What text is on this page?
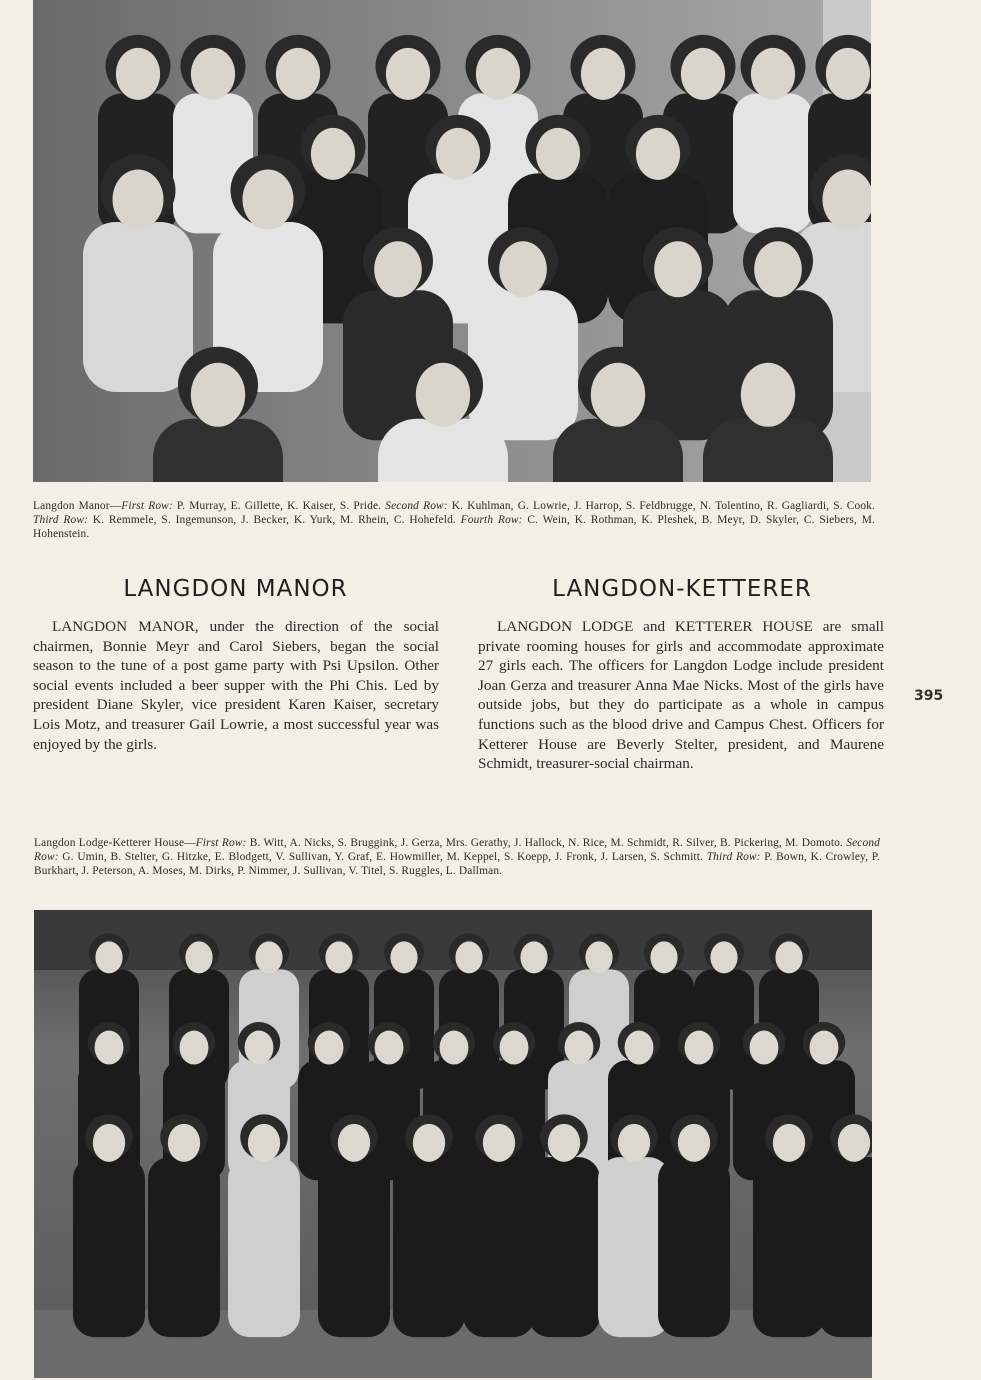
Langdon Manor—First Row: P. Murray, E. Gillette, K. Kaiser, S. Pride. Second Row: K. Kuhlman, G. Lowrie, J. Harrop, S. Feldbrugge, N. Tolentino, R. Gagliardi, S. Cook. Third Row: K. Remmele, S. Ingemunson, J. Becker, K. Yurk, M. Rhein, C. Hohefeld. Fourth Row: C. Wein, K. Rothman, K. Pleshek, B. Meyr, D. Skyler, C. Siebers, M. Hohenstein.
LANGDON MANOR	LANGDON-KETTERER

LANGDON MANOR, under the direction of the social chairmen, Bonnie Meyr and Carol Siebers, began the social season to the tune of a post game party with Psi Upsilon. Other social events included a beer supper with the Phi Chis. Led by president Diane Skyler, vice president Karen Kaiser, secretary Lois Motz, and treasurer Gail Lowrie, a most successful year was enjoyed by the girls.

LANGDON LODGE and KETTERER HOUSE are small private rooming houses for girls and accommodate approximate 27 girls each. The officers for Langdon Lodge include president Joan Gerza and treasurer Anna Mae Nicks. Most of the girls have outside jobs, but they do participate as a whole in campus functions such as the blood drive and Campus Chest. Officers for Ketterer House are Beverly Stelter, president, and Maurene Schmidt, treasurer-social chairman.

395
Langdon Lodge-Ketterer House—First Row: B. Witt, A. Nicks, S. Bruggink, J. Gerza, Mrs. Gerathy, J. Hallock, N. Rice, M. Schmidt, R. Silver, B. Pickering, M. Domoto. Second Row: G. Umin, B. Stelter, G. Hitzke, E. Blodgett, V. Sullivan, Y. Graf, E. Howmiller, M. Keppel, S. Koepp, J. Fronk, J. Larsen, S. Schmitt. Third Row: P. Bown, K. Crowley, P. Burkhart, J. Peterson, A. Moses, M. Dirks, P. Nimmer, J. Sullivan, V. Titel, S. Ruggles, L. Dallman.
